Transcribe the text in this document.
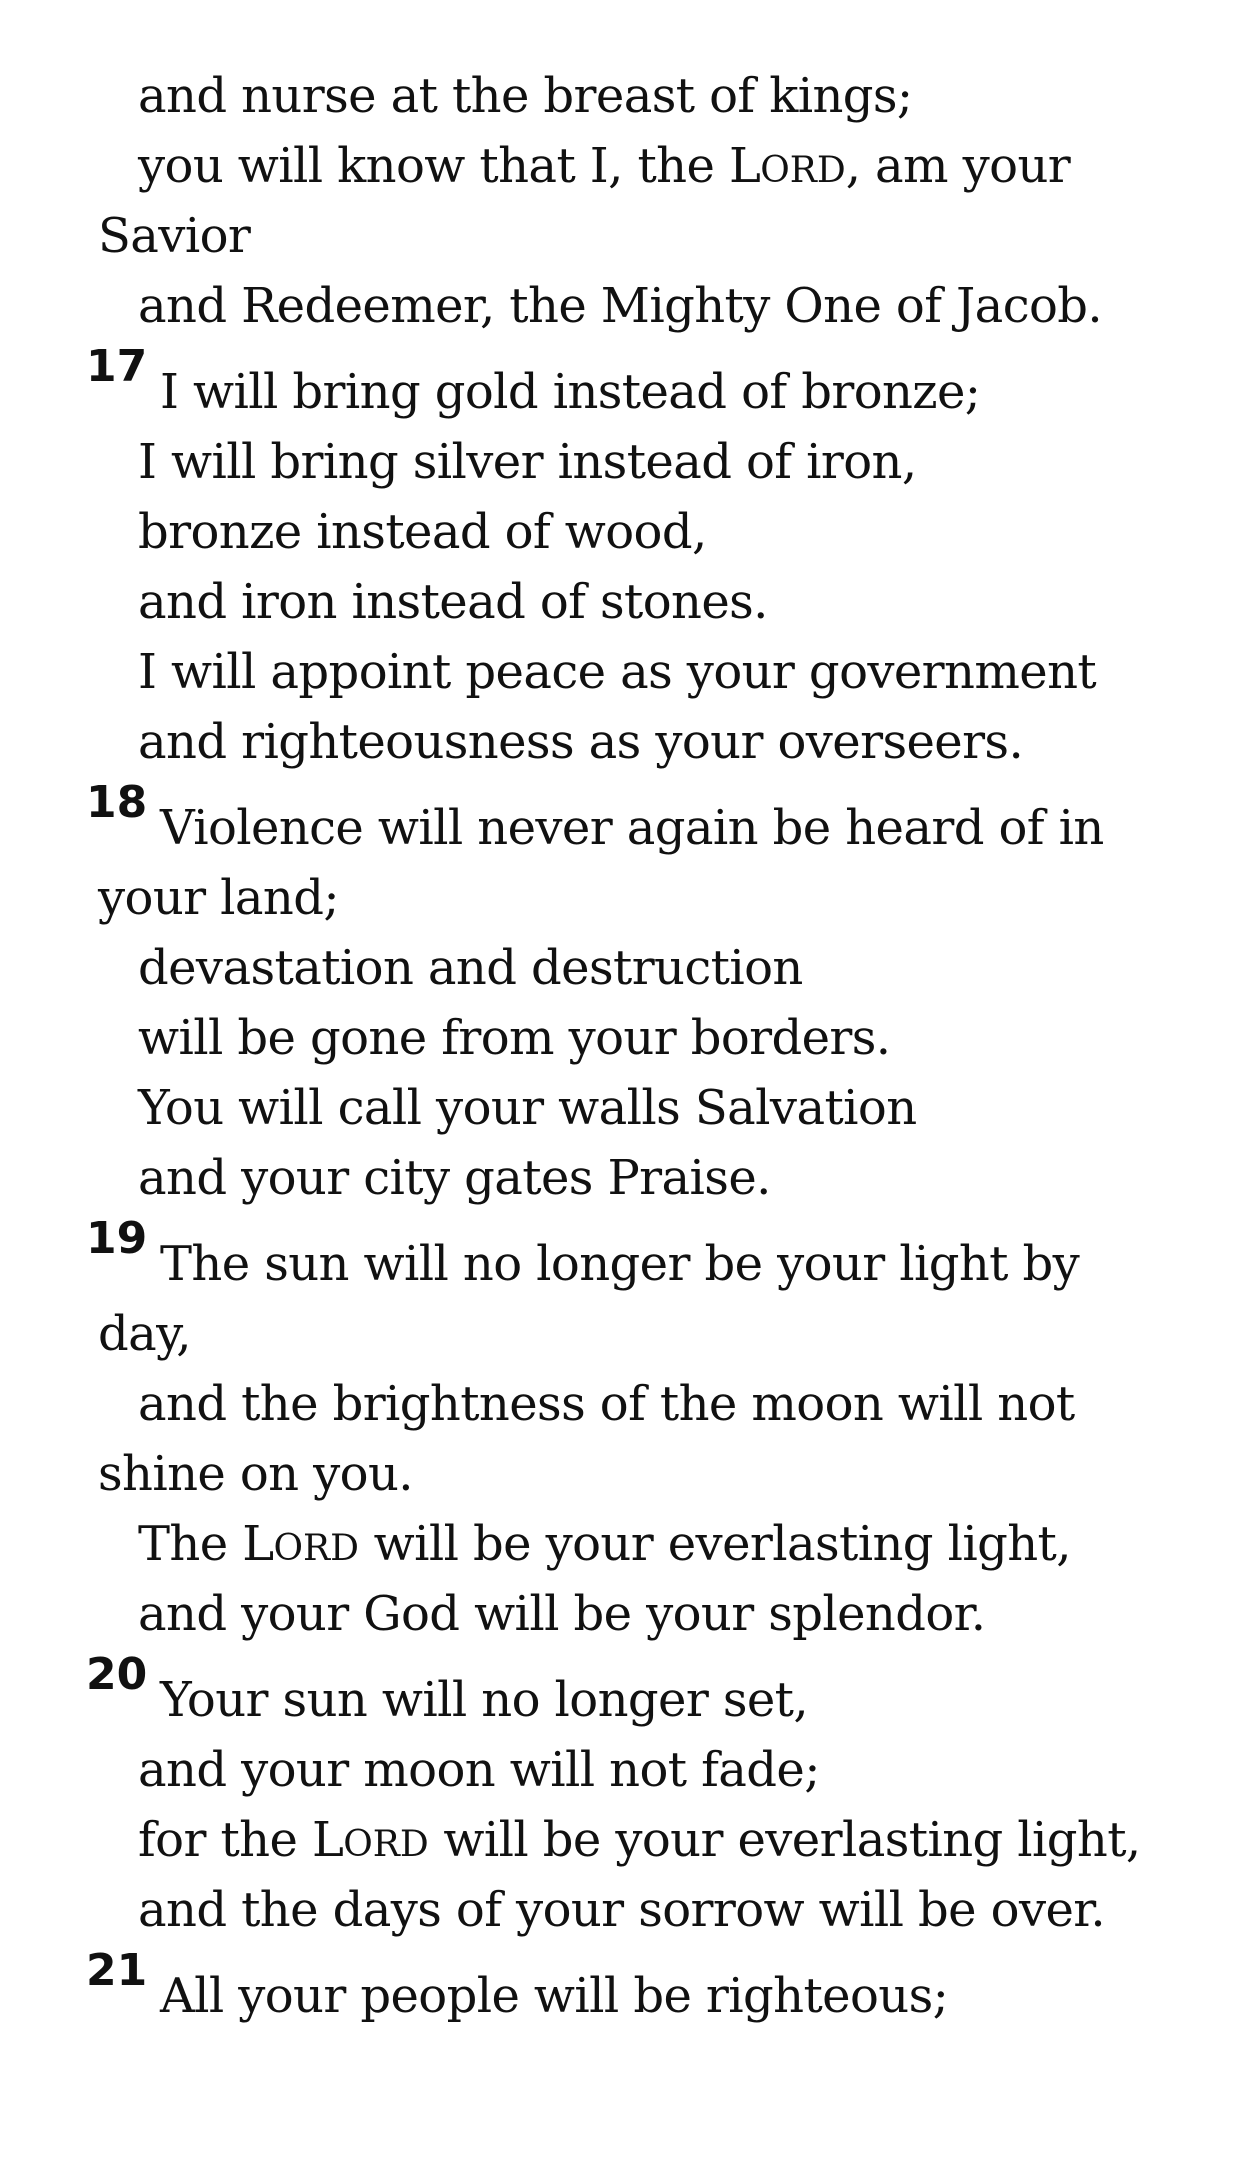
and nurse at the breast of kings;
you will know that I, the LORD, am your
Savior
and Redeemer, the Mighty One of Jacob.
17 I will bring gold instead of bronze;
I will bring silver instead of iron,
bronze instead of wood,
and iron instead of stones.
I will appoint peace as your government
and righteousness as your overseers.
18 Violence will never again be heard of in
your land;
devastation and destruction
will be gone from your borders.
You will call your walls Salvation
and your city gates Praise.
19 The sun will no longer be your light by
day,
and the brightness of the moon will not
shine on you.
The LORD will be your everlasting light,
and your God will be your splendor.
20 Your sun will no longer set,
and your moon will not fade;
for the LORD will be your everlasting light,
and the days of your sorrow will be over.
21 All your people will be righteous;
